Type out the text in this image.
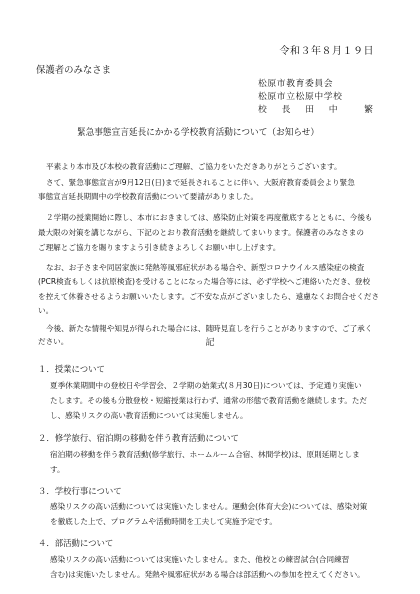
令和３年８月１９日
保護者のみなさま
松原市教育委員会
松原市立松原中学校
校　長　田　中　　繁
緊急事態宣言延長にかかる学校教育活動について（お知らせ）
平素より本市及び本校の教育活動にご理解、ご協力をいただきありがとうございます。
さて、緊急事態宣言が9月12日(日)まで延長されることに伴い、大阪府教育委員会より緊急
事態宣言延長期間中の学校教育活動について要請がありました。
２学期の授業開始に際し、本市におきましては、感染防止対策を再度徹底するとともに、今後も
最大限の対策を講じながら、下記のとおり教育活動を継続してまいります。保護者のみなさまの
ご理解とご協力を賜りますよう引き続きよろしくお願い申し上げます。
なお、お子さまや同居家族に発熱等風邪症状がある場合や、新型コロナウイルス感染症の検査
(PCR検査もしくは抗原検査)を受けることになった場合等には、必ず学校へご連絡いただき、登校
を控えて休養させるようお願いいたします。ご不安な点がございましたら、遠慮なくお問合せくださ
い。
今後、新たな情報や知見が得られた場合には、随時見直しを行うことがありますので、ご了承く
ださい。	記
１．授業について
夏季休業期間中の登校日や学習会、２学期の始業式(８月30日)については、予定通り実施い
たします。その後も分散登校・短縮授業は行わず、通常の形態で教育活動を継続します。ただ
し、感染リスクの高い教育活動については実施しません。
２．修学旅行、宿泊期の移動を伴う教育活動について
宿泊期の移動を伴う教育活動(修学旅行、ホームルーム合宿、林間学校)は、原則延期としま
す。
３．学校行事について
感染リスクの高い活動については実施いたしません。運動会(体育大会)については、感染対策
を徹底した上で、プログラムや活動時間を工夫して実施予定です。
４．部活動について
感染リスクの高い活動については実施いたしません。また、他校との練習試合(合同練習
含む)は実施いたしません。発熱や風邪症状がある場合は部活動への参加を控えてください。
